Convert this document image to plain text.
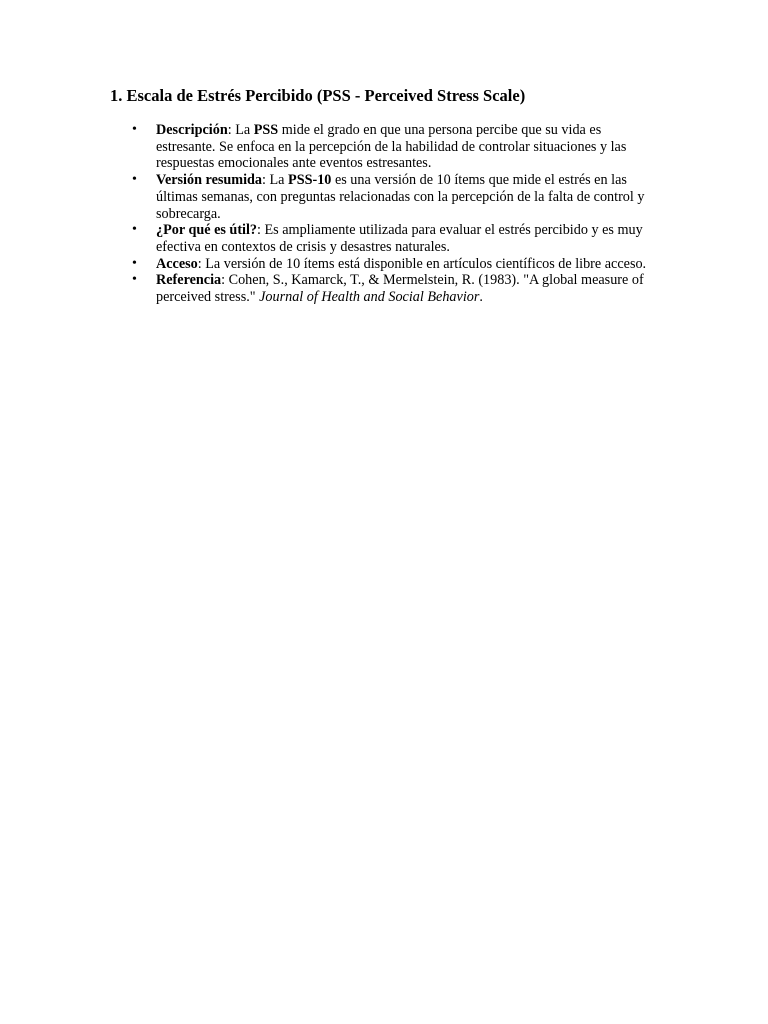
1. Escala de Estrés Percibido (PSS - Perceived Stress Scale)
• Descripción: La PSS mide el grado en que una persona percibe que su vida es estresante. Se enfoca en la percepción de la habilidad de controlar situaciones y las respuestas emocionales ante eventos estresantes.
• Versión resumida: La PSS-10 es una versión de 10 ítems que mide el estrés en las últimas semanas, con preguntas relacionadas con la percepción de la falta de control y sobrecarga.
• ¿Por qué es útil?: Es ampliamente utilizada para evaluar el estrés percibido y es muy efectiva en contextos de crisis y desastres naturales.
• Acceso: La versión de 10 ítems está disponible en artículos científicos de libre acceso.
• Referencia: Cohen, S., Kamarck, T., & Mermelstein, R. (1983). "A global measure of perceived stress." Journal of Health and Social Behavior.
